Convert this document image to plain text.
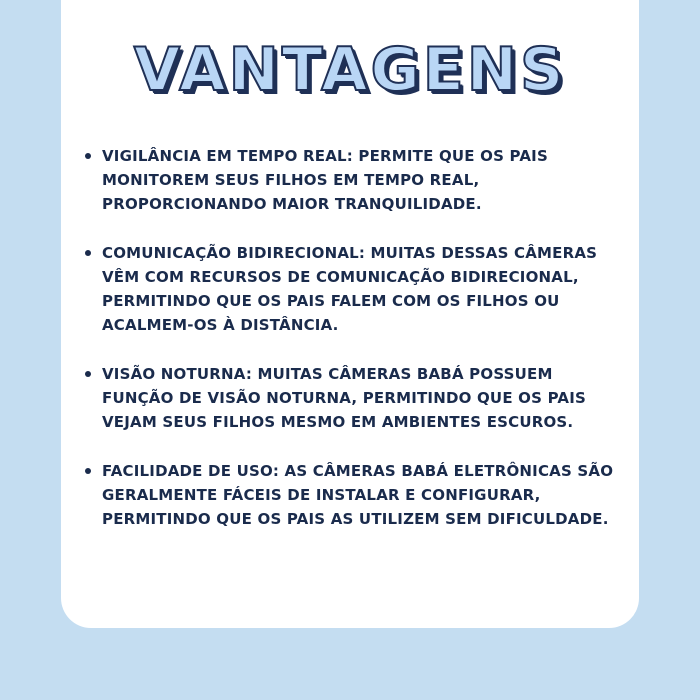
VANTAGENS
VIGILÂNCIA EM TEMPO REAL: PERMITE QUE OS PAIS MONITOREM SEUS FILHOS EM TEMPO REAL, PROPORCIONANDO MAIOR TRANQUILIDADE.
COMUNICAÇÃO BIDIRECIONAL: MUITAS DESSAS CÂMERAS VÊM COM RECURSOS DE COMUNICAÇÃO BIDIRECIONAL, PERMITINDO QUE OS PAIS FALEM COM OS FILHOS OU ACALMEM-OS À DISTÂNCIA.
VISÃO NOTURNA: MUITAS CÂMERAS BABÁ POSSUEM FUNÇÃO DE VISÃO NOTURNA, PERMITINDO QUE OS PAIS VEJAM SEUS FILHOS MESMO EM AMBIENTES ESCUROS.
FACILIDADE DE USO: AS CÂMERAS BABÁ ELETRÔNICAS SÃO GERALMENTE FÁCEIS DE INSTALAR E CONFIGURAR, PERMITINDO QUE OS PAIS AS UTILIZEM SEM DIFICULDADE.
